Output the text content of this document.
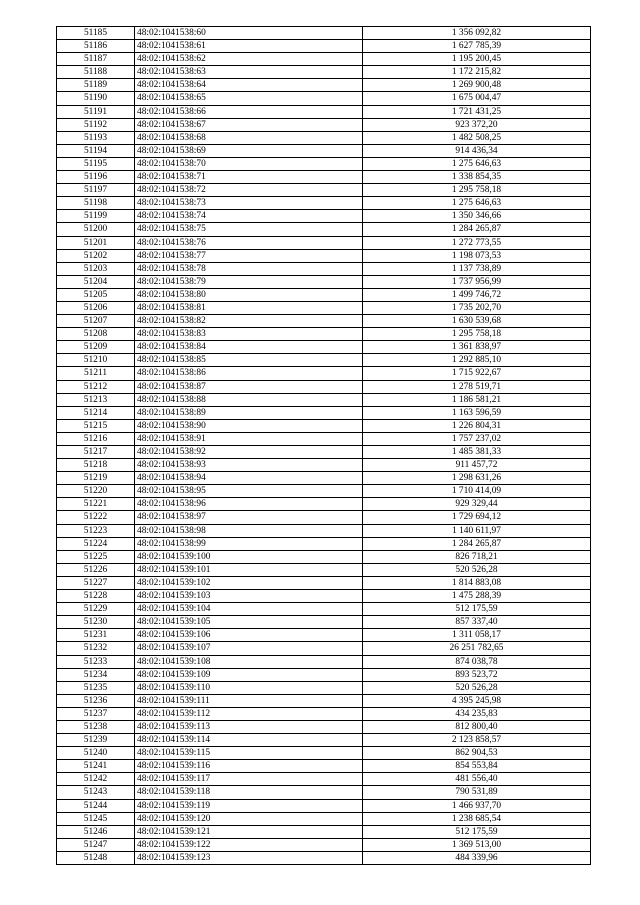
51185	48:02:1041538:60	1 356 092,82
51186	48:02:1041538:61	1 627 785,39
51187	48:02:1041538:62	1 195 200,45
51188	48:02:1041538:63	1 172 215,82
51189	48:02:1041538:64	1 269 900,48
51190	48:02:1041538:65	1 675 004,47
51191	48:02:1041538:66	1 721 431,25
51192	48:02:1041538:67	923 372,20
51193	48:02:1041538:68	1 482 508,25
51194	48:02:1041538:69	914 436,34
51195	48:02:1041538:70	1 275 646,63
51196	48:02:1041538:71	1 338 854,35
51197	48:02:1041538:72	1 295 758,18
51198	48:02:1041538:73	1 275 646,63
51199	48:02:1041538:74	1 350 346,66
51200	48:02:1041538:75	1 284 265,87
51201	48:02:1041538:76	1 272 773,55
51202	48:02:1041538:77	1 198 073,53
51203	48:02:1041538:78	1 137 738,89
51204	48:02:1041538:79	1 737 956,99
51205	48:02:1041538:80	1 499 746,72
51206	48:02:1041538:81	1 735 202,70
51207	48:02:1041538:82	1 630 539,68
51208	48:02:1041538:83	1 295 758,18
51209	48:02:1041538:84	1 361 838,97
51210	48:02:1041538:85	1 292 885,10
51211	48:02:1041538:86	1 715 922,67
51212	48:02:1041538:87	1 278 519,71
51213	48:02:1041538:88	1 186 581,21
51214	48:02:1041538:89	1 163 596,59
51215	48:02:1041538:90	1 226 804,31
51216	48:02:1041538:91	1 757 237,02
51217	48:02:1041538:92	1 485 381,33
51218	48:02:1041538:93	911 457,72
51219	48:02:1041538:94	1 298 631,26
51220	48:02:1041538:95	1 710 414,09
51221	48:02:1041538:96	929 329,44
51222	48:02:1041538:97	1 729 694,12
51223	48:02:1041538:98	1 140 611,97
51224	48:02:1041538:99	1 284 265,87
51225	48:02:1041539:100	826 718,21
51226	48:02:1041539:101	520 526,28
51227	48:02:1041539:102	1 814 883,08
51228	48:02:1041539:103	1 475 288,39
51229	48:02:1041539:104	512 175,59
51230	48:02:1041539:105	857 337,40
51231	48:02:1041539:106	1 311 058,17
51232	48:02:1041539:107	26 251 782,65
51233	48:02:1041539:108	874 038,78
51234	48:02:1041539:109	893 523,72
51235	48:02:1041539:110	520 526,28
51236	48:02:1041539:111	4 395 245,98
51237	48:02:1041539:112	434 235,83
51238	48:02:1041539:113	812 800,40
51239	48:02:1041539:114	2 123 858,57
51240	48:02:1041539:115	862 904,53
51241	48:02:1041539:116	854 553,84
51242	48:02:1041539:117	481 556,40
51243	48:02:1041539:118	790 531,89
51244	48:02:1041539:119	1 466 937,70
51245	48:02:1041539:120	1 238 685,54
51246	48:02:1041539:121	512 175,59
51247	48:02:1041539:122	1 369 513,00
51248	48:02:1041539:123	484 339,96
